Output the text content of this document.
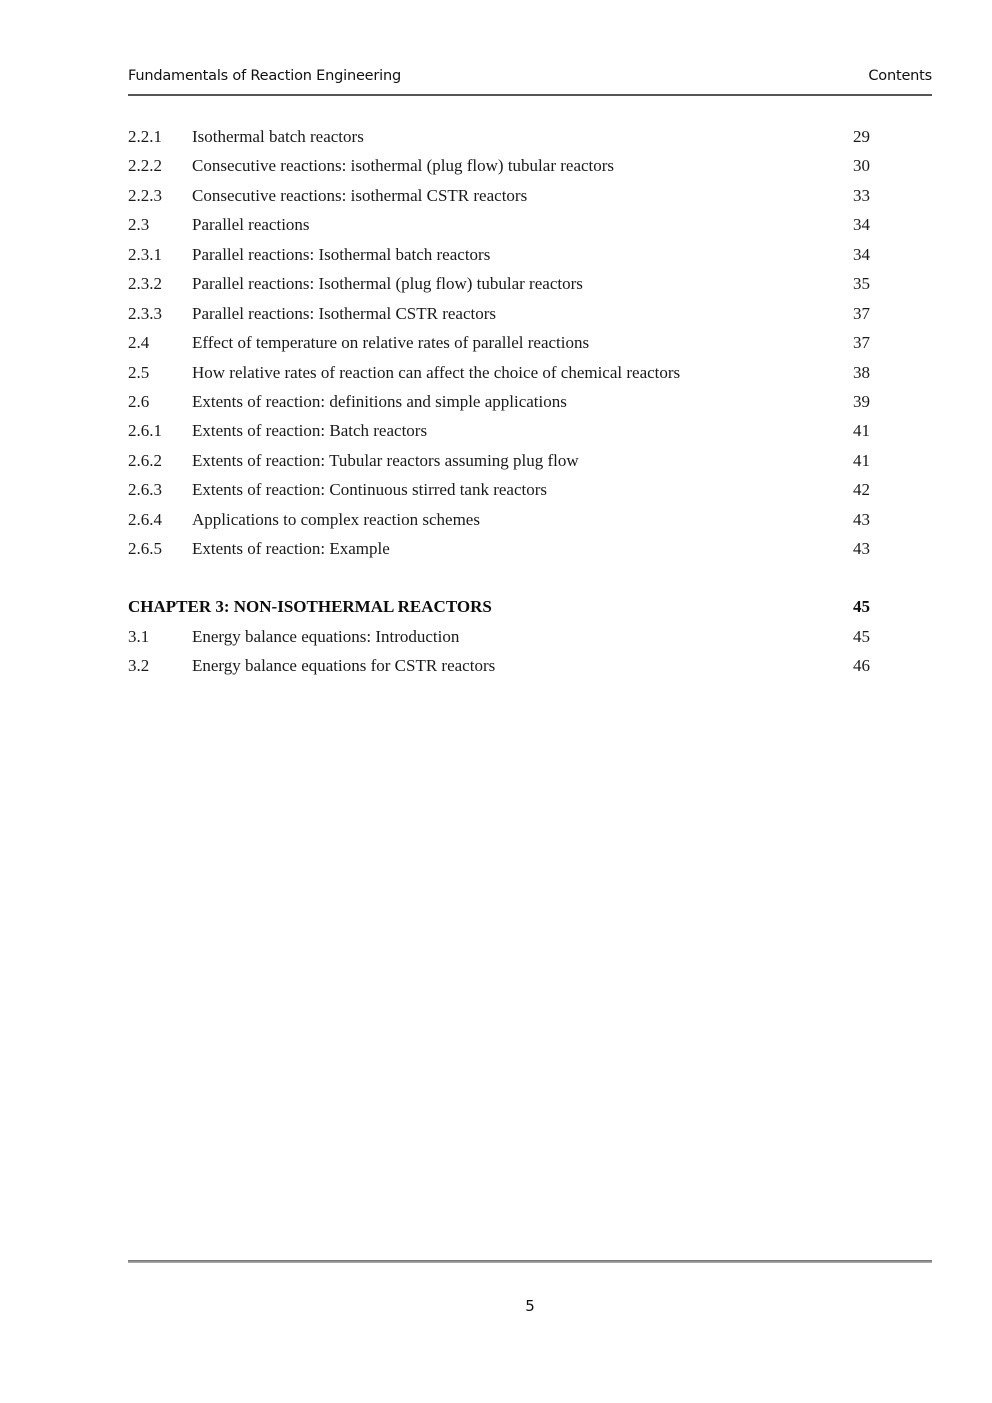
Fundamentals of Reaction Engineering	Contents
2.2.1	Isothermal batch reactors	29
2.2.2	Consecutive reactions: isothermal (plug flow) tubular reactors	30
2.2.3	Consecutive reactions: isothermal CSTR reactors	33
2.3	Parallel reactions	34
2.3.1	Parallel reactions: Isothermal batch reactors	34
2.3.2	Parallel reactions: Isothermal (plug flow) tubular reactors	35
2.3.3	Parallel reactions: Isothermal CSTR reactors	37
2.4	Effect of temperature on relative rates of parallel reactions	37
2.5	How relative rates of reaction can affect the choice of chemical reactors	38
2.6	Extents of reaction: definitions and simple applications	39
2.6.1	Extents of reaction: Batch reactors	41
2.6.2	Extents of reaction: Tubular reactors assuming plug flow	41
2.6.3	Extents of reaction: Continuous stirred tank reactors	42
2.6.4	Applications to complex reaction schemes	43
2.6.5	Extents of reaction: Example	43
CHAPTER 3: NON-ISOTHERMAL REACTORS	45
3.1	Energy balance equations: Introduction	45
3.2	Energy balance equations for CSTR reactors	46
5
